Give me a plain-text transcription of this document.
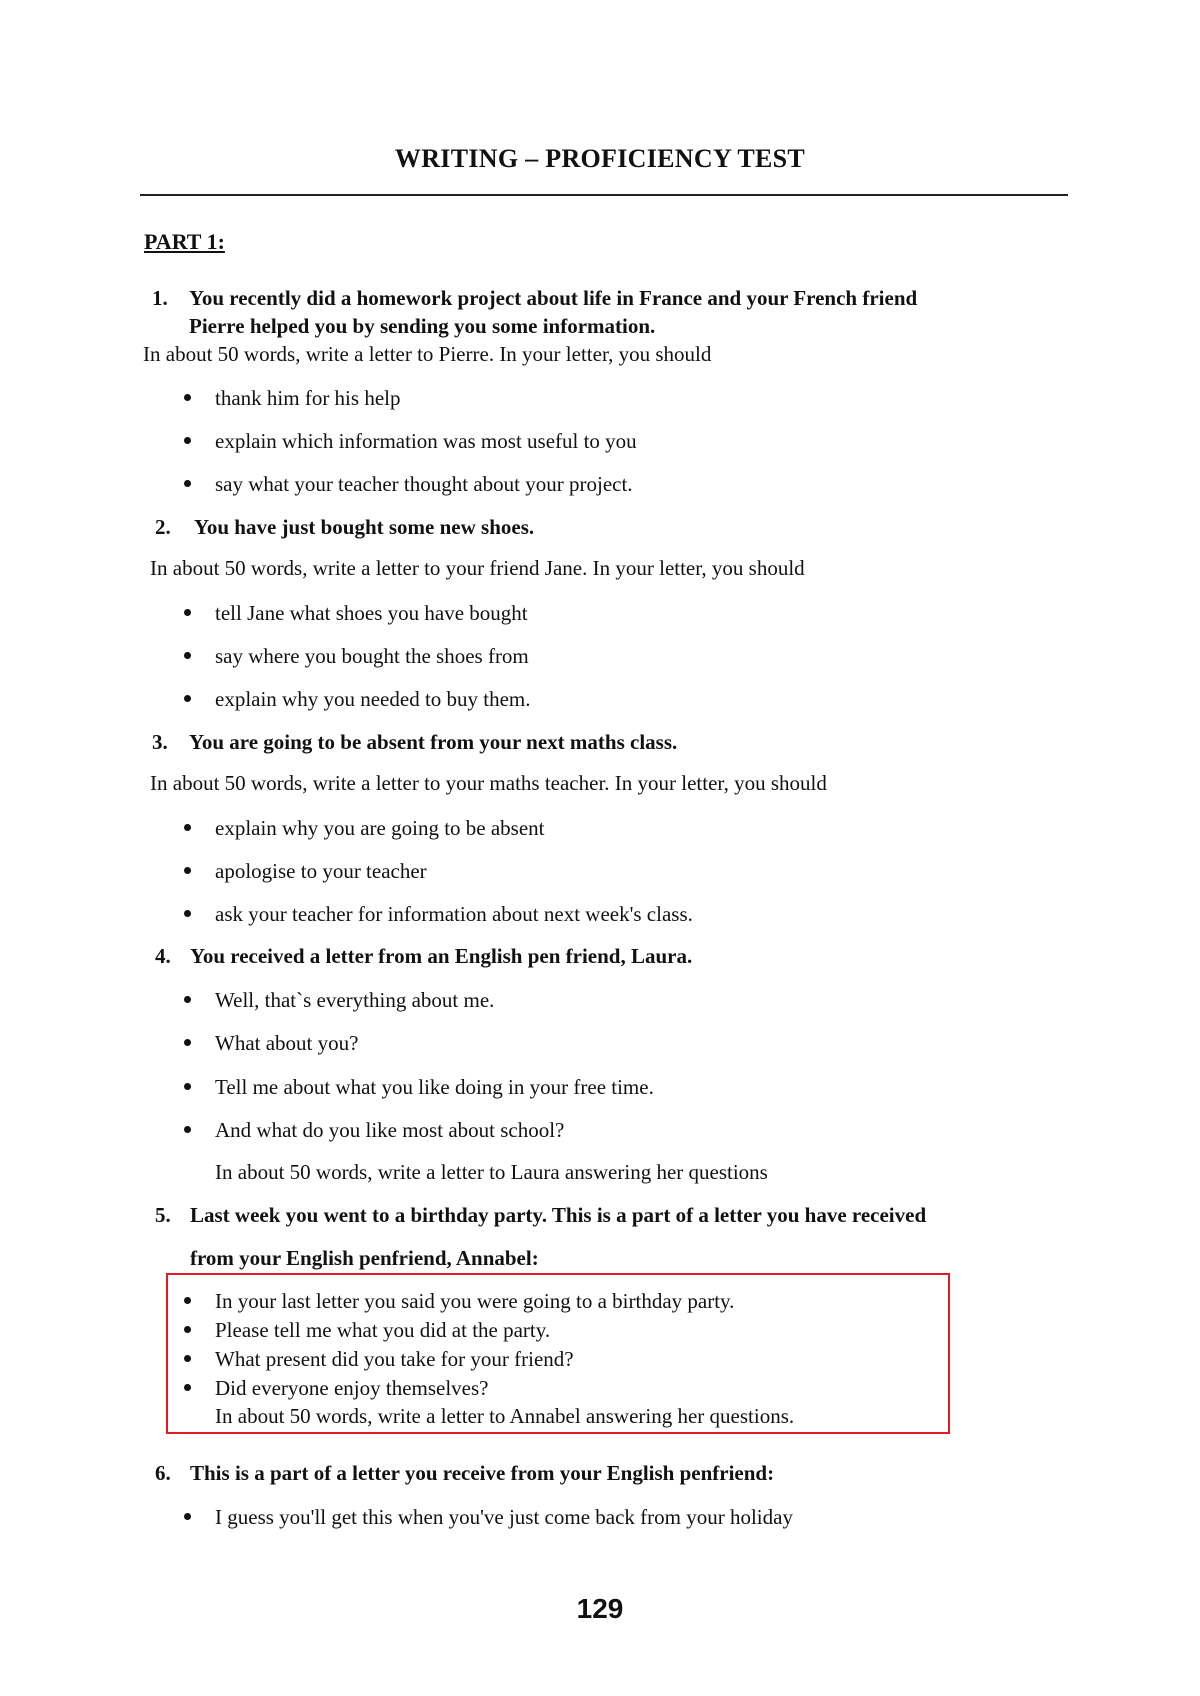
WRITING – PROFICIENCY TEST
PART 1:
1. You recently did a homework project about life in France and your French friend
Pierre helped you by sending you some information.
In about 50 words, write a letter to Pierre. In your letter, you should
thank him for his help
explain which information was most useful to you
say what your teacher thought about your project.
2. You have just bought some new shoes.
In about 50 words, write a letter to your friend Jane. In your letter, you should
tell Jane what shoes you have bought
say where you bought the shoes from
explain why you needed to buy them.
3. You are going to be absent from your next maths class.
In about 50 words, write a letter to your maths teacher. In your letter, you should
explain why you are going to be absent
apologise to your teacher
ask your teacher for information about next week's class.
4. You received a letter from an English pen friend, Laura.
Well, that`s everything about me.
What about you?
Tell me about what you like doing in your free time.
And what do you like most about school?
In about 50 words, write a letter to Laura answering her questions
5. Last week you went to a birthday party. This is a part of a letter you have received
from your English penfriend, Annabel:
In your last letter you said you were going to a birthday party.
Please tell me what you did at the party.
What present did you take for your friend?
Did everyone enjoy themselves?
In about 50 words, write a letter to Annabel answering her questions.
6. This is a part of a letter you receive from your English penfriend:
I guess you'll get this when you've just come back from your holiday
129
